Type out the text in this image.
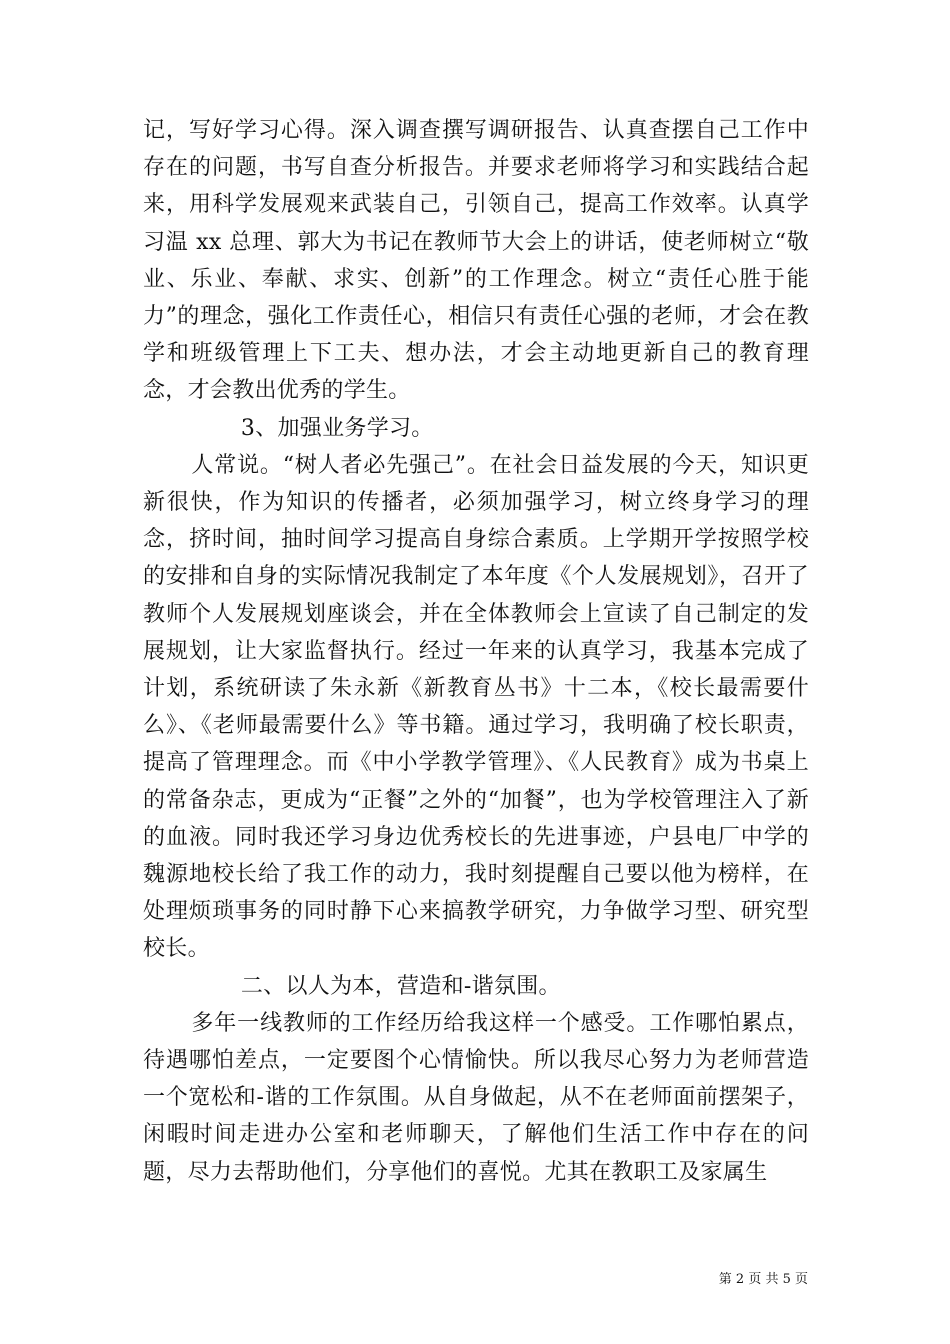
记，写好学习心得。深入调查撰写调研报告、认真查摆自己工作中存在的问题，书写自查分析报告。并要求老师将学习和实践结合起来，用科学发展观来武装自己，引领自己，提高工作效率。认真学习温 xx 总理、郭大为书记在教师节大会上的讲话，使老师树立“敬业、乐业、奉献、求实、创新”的工作理念。树立“责任心胜于能力”的理念，强化工作责任心，相信只有责任心强的老师，才会在教学和班级管理上下工夫、想办法，才会主动地更新自己的教育理念，才会教出优秀的学生。

3、加强业务学习。

人常说。“树人者必先强己”。在社会日益发展的今天，知识更新很快，作为知识的传播者，必须加强学习，树立终身学习的理念，挤时间，抽时间学习提高自身综合素质。上学期开学按照学校的安排和自身的实际情况我制定了本年度《个人发展规划》，召开了教师个人发展规划座谈会，并在全体教师会上宣读了自己制定的发展规划，让大家监督执行。经过一年来的认真学习，我基本完成了计划，系统研读了朱永新《新教育丛书》十二本，《校长最需要什么》、《老师最需要什么》等书籍。通过学习，我明确了校长职责，提高了管理理念。而《中小学教学管理》、《人民教育》成为书桌上的常备杂志，更成为“正餐”之外的“加餐”，也为学校管理注入了新的血液。同时我还学习身边优秀校长的先进事迹，户县电厂中学的魏源地校长给了我工作的动力，我时刻提醒自己要以他为榜样，在处理烦琐事务的同时静下心来搞教学研究，力争做学习型、研究型校长。

二、以人为本，营造和-谐氛围。

多年一线教师的工作经历给我这样一个感受。工作哪怕累点，待遇哪怕差点，一定要图个心情愉快。所以我尽心努力为老师营造一个宽松和-谐的工作氛围。从自身做起，从不在老师面前摆架子，闲暇时间走进办公室和老师聊天，了解他们生活工作中存在的问题，尽力去帮助他们，分享他们的喜悦。尤其在教职工及家属生

第 2 页 共 5 页
